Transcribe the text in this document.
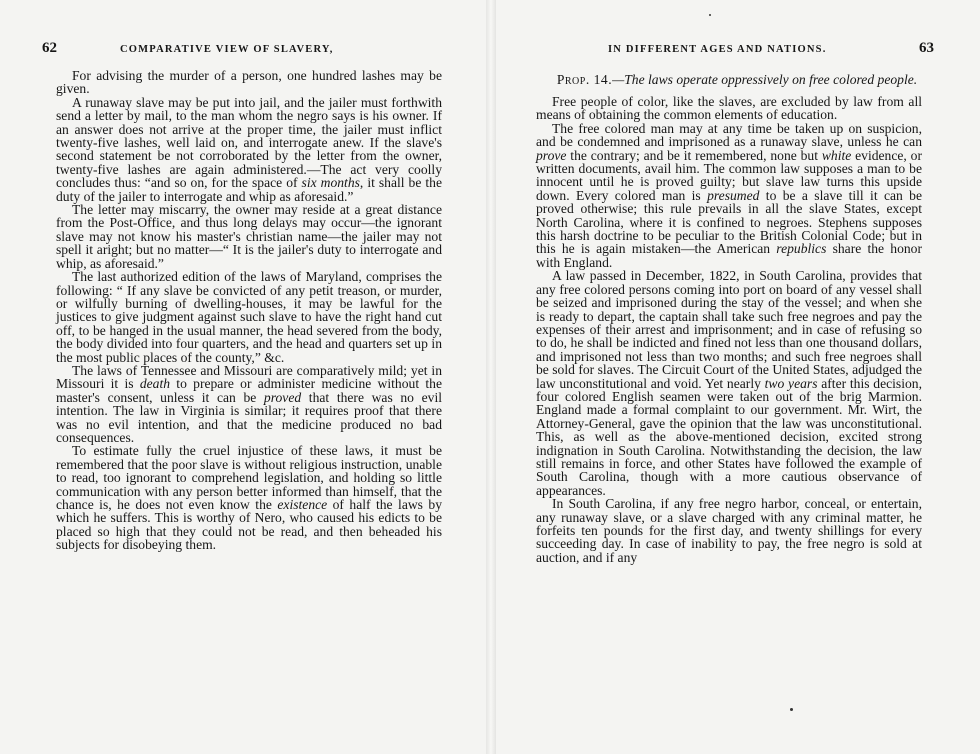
62	COMPARATIVE VIEW OF SLAVERY,

For advising the murder of a person, one hundred lashes may be given.

A runaway slave may be put into jail, and the jailer must forthwith send a letter by mail, to the man whom the negro says is his owner. If an answer does not arrive at the proper time, the jailer must inflict twenty-five lashes, well laid on, and interrogate anew. If the slave's second statement be not corroborated by the letter from the owner, twenty-five lashes are again administered.—The act very coolly concludes thus: “and so on, for the space of six months, it shall be the duty of the jailer to interrogate and whip as aforesaid.”

The letter may miscarry, the owner may reside at a great distance from the Post-Office, and thus long delays may occur—the ignorant slave may not know his master's christian name—the jailer may not spell it aright; but no matter—“ It is the jailer's duty to interrogate and whip, as aforesaid.”

The last authorized edition of the laws of Maryland, comprises the following: “ If any slave be convicted of any petit treason, or murder, or wilfully burning of dwelling-houses, it may be lawful for the justices to give judgment against such slave to have the right hand cut off, to be hanged in the usual manner, the head severed from the body, the body divided into four quarters, and the head and quarters set up in the most public places of the county,” &c.

The laws of Tennessee and Missouri are comparatively mild; yet in Missouri it is death to prepare or administer medicine without the master's consent, unless it can be proved that there was no evil intention. The law in Virginia is similar; it requires proof that there was no evil intention, and that the medicine produced no bad consequences.

To estimate fully the cruel injustice of these laws, it must be remembered that the poor slave is without religious instruction, unable to read, too ignorant to comprehend legislation, and holding so little communication with any person better informed than himself, that the chance is, he does not even know the existence of half the laws by which he suffers. This is worthy of Nero, who caused his edicts to be placed so high that they could not be read, and then beheaded his subjects for disobeying them.

IN DIFFERENT AGES AND NATIONS.	63

Prop. 14.—The laws operate oppressively on free colored people.

Free people of color, like the slaves, are excluded by law from all means of obtaining the common elements of education.

The free colored man may at any time be taken up on suspicion, and be condemned and imprisoned as a runaway slave, unless he can prove the contrary; and be it remembered, none but white evidence, or written documents, avail him. The common law supposes a man to be innocent until he is proved guilty; but slave law turns this upside down. Every colored man is presumed to be a slave till it can be proved otherwise; this rule prevails in all the slave States, except North Carolina, where it is confined to negroes. Stephens supposes this harsh doctrine to be peculiar to the British Colonial Code; but in this he is again mistaken—the American republics share the honor with England.

A law passed in December, 1822, in South Carolina, provides that any free colored persons coming into port on board of any vessel shall be seized and imprisoned during the stay of the vessel; and when she is ready to depart, the captain shall take such free negroes and pay the expenses of their arrest and imprisonment; and in case of refusing so to do, he shall be indicted and fined not less than one thousand dollars, and imprisoned not less than two months; and such free negroes shall be sold for slaves. The Circuit Court of the United States, adjudged the law unconstitutional and void. Yet nearly two years after this decision, four colored English seamen were taken out of the brig Marmion. England made a formal complaint to our government. Mr. Wirt, the Attorney-General, gave the opinion that the law was unconstitutional. This, as well as the above-mentioned decision, excited strong indignation in South Carolina. Notwithstanding the decision, the law still remains in force, and other States have followed the example of South Carolina, though with a more cautious observance of appearances.

In South Carolina, if any free negro harbor, conceal, or entertain, any runaway slave, or a slave charged with any criminal matter, he forfeits ten pounds for the first day, and twenty shillings for every succeeding day. In case of inability to pay, the free negro is sold at auction, and if any
